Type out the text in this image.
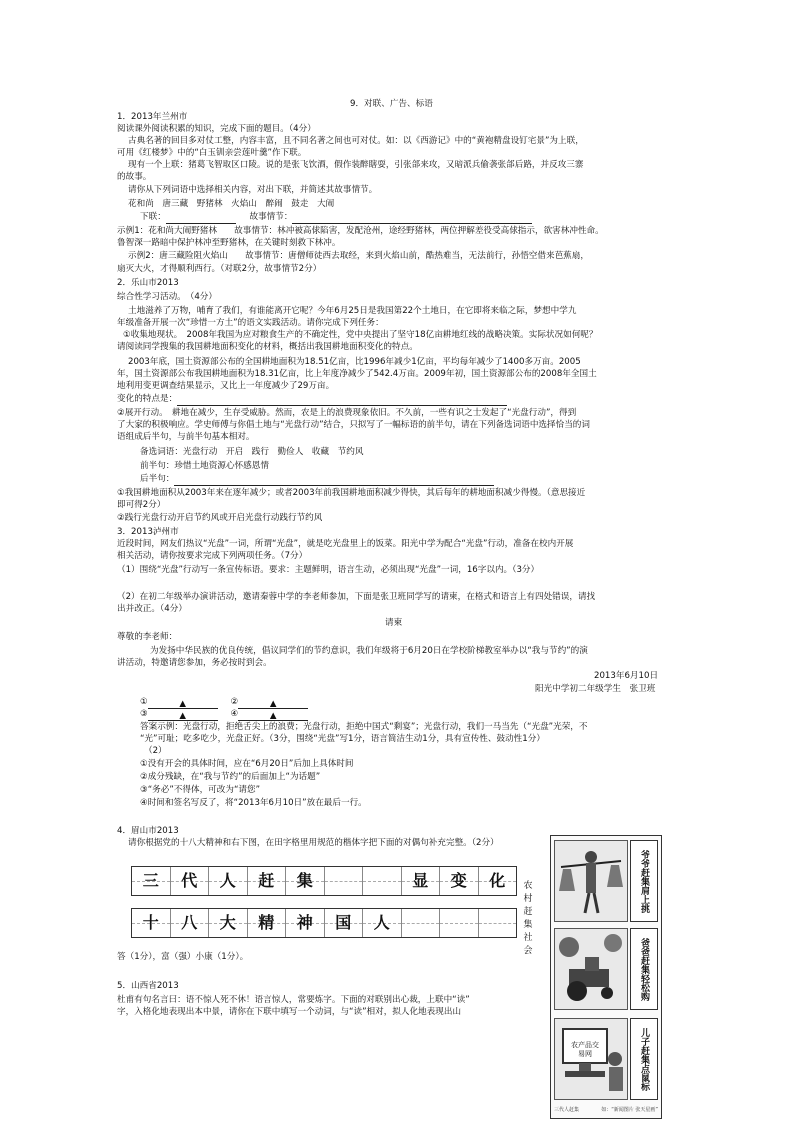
9．对联、广告、标语
1．2013年兰州市
阅读课外阅读积累的知识，完成下面的题目。（4分）
古典名著的回目多对仗工整，内容丰富，且不同名著之间也可对仗。如：以《西游记》中的“黄袍精盘设钉宅景”为上联，
可用《红楼梦》中的“白玉钏亲尝莲叶羹”作下联。
现有一个上联：猪葛飞智取区口陵。说的是张飞饮酒，假作装醉瞎耍，引张郃来攻，又暗派兵偷袭张郃后路，并反攻三寨
的故事。
请你从下列词语中选择相关内容，对出下联，并简述其故事情节。
花和尚　唐三藏　野猪林　火焰山　醉闹　鼓走　大闹
下联：	故事情节：
示例1：花和尚大闹野猪林　　故事情节：林冲被高俅陷害，发配沧州，途经野猪林，两位押解差役受高俅指示，欲害林冲性命。
鲁智深一路暗中保护林冲至野猪林，在关键时刻救下林冲。
示例2：唐三藏险阻火焰山　　故事情节：唐僧师徒西去取经，来到火焰山前，酷热难当，无法前行，孙悟空借来芭蕉扇，
扇灭大火，才得顺利西行。（对联2分，故事情节2分）
2．乐山市2013
综合性学习活动。　（4分）
土地滋养了万物，哺育了我们，有谁能离开它呢？今年6月25日是我国第22个土地日，在它即将来临之际，梦想中学九
年级准备开展一次“珍惜一方土”的语文实践活动。请你完成下列任务：
①收集地现状。　2008年我国为应对粮食生产的不确定性，党中央提出了坚守18亿亩耕地红线的战略决策。实际状况如何呢？
请阅读同学搜集的我国耕地面积变化的材料，概括出我国耕地面积变化的特点。
2003年底，国土资源部公布的全国耕地面积为18.51亿亩，比1996年减少1亿亩，平均每年减少了1400多万亩。2005
年，国土资源部公布我国耕地面积为18.31亿亩，比上年度净减少了542.4万亩。2009年初，国土资源部公布的2008年全国土
地利用变更调查结果显示，又比上一年度减少了29万亩。
变化的特点是：
②展开行动。　耕地在减少，生存受威胁。然而，农是上的浪费现象依旧。不久前，一些有识之士发起了“光盘行动”，得到
了大家的积极响应。学史师傅与你倡土地与“光盘行动”结合，只拟写了一幅标语的前半句，请在下列备选词语中选择恰当的词
语组成后半句，与前半句基本相对。
备选词语：光盘行动　开启　践行　勤俭人　收藏　节约风
前半句：珍惜土地资源心怀感恩情
后半句：
①我国耕地面积从2003年来在逐年减少；或者2003年前我国耕地面积减少得快，其后每年的耕地面积减少得慢。（意思接近
即可得2分）
②践行光盘行动开启节约风或开启光盘行动践行节约风
3．2013泸州市
近段时间，网友们热议“光盘”一词，所谓“光盘”，就是吃光盘里上的饭菜。阳光中学为配合“光盘”行动，准备在校内开展
相关活动，请你按要求完成下列两项任务。（7分）
（1）围绕“光盘”行动写一条宣传标语。要求：主题鲜明，语言生动，必须出现“光盘”一词，16字以内。（3分）
（2）在初二年级举办演讲活动，邀请秦蓉中学的李老师参加，下面是张卫班同学写的请柬，在格式和语言上有四处错误，请找
出并改正。（4分）
请柬
尊敬的李老师：
为发扬中华民族的优良传统，倡议同学们的节约意识，我们年级将于6月20日在学校阶梯教室举办以“我与节约”的演
讲活动，特邀请您参加，务必按时到会。
2013年6月10日
阳光中学初二年级学生　张卫班
①	▲	②	▲
③	▲	④	▲
答案示例：光盘行动，拒绝舌尖上的浪费；光盘行动，拒绝中国式“剩宴”；光盘行动，我们一马当先（“光盘”光荣，不
“光”可耻；吃多吃少，光盘正好。（3分，围绕“光盘”写1分，语言简洁生动1分，具有宣传性、鼓动性1分）
（2）
①没有开会的具体时间，应在“6月20日”后加上具体时间
②成分残缺，在“我与节约”的后面加上“为话题”
③“务必”不得体，可改为“请您”
④时间和签名写反了，将“2013年6月10日”放在最后一行。
4．眉山市2013
请你根据党的十八大精神和右下图，在田字格里用规范的楷体字把下面的对偶句补充完整。（2分）
三 代 人 赶 集	显 变 化
十 八 大 精 神 国 人
农村赶集社会
答（1分），富（强）小康（1分）。
爷爷赶集肩上挑
爸爸赶集轻松购
农产品交易网	儿子赶集点鼠标
三代人赶集	如：“新闻图片 张天星画”
5．山西省2013
杜甫有句名言曰：语不惊人死不休！语言惊人，常要炼字。下面的对联别出心裁，上联中“读”
字，入格化地表现出本中景，请你在下联中填写一个动词，与“读”相对，拟人化地表现出山
